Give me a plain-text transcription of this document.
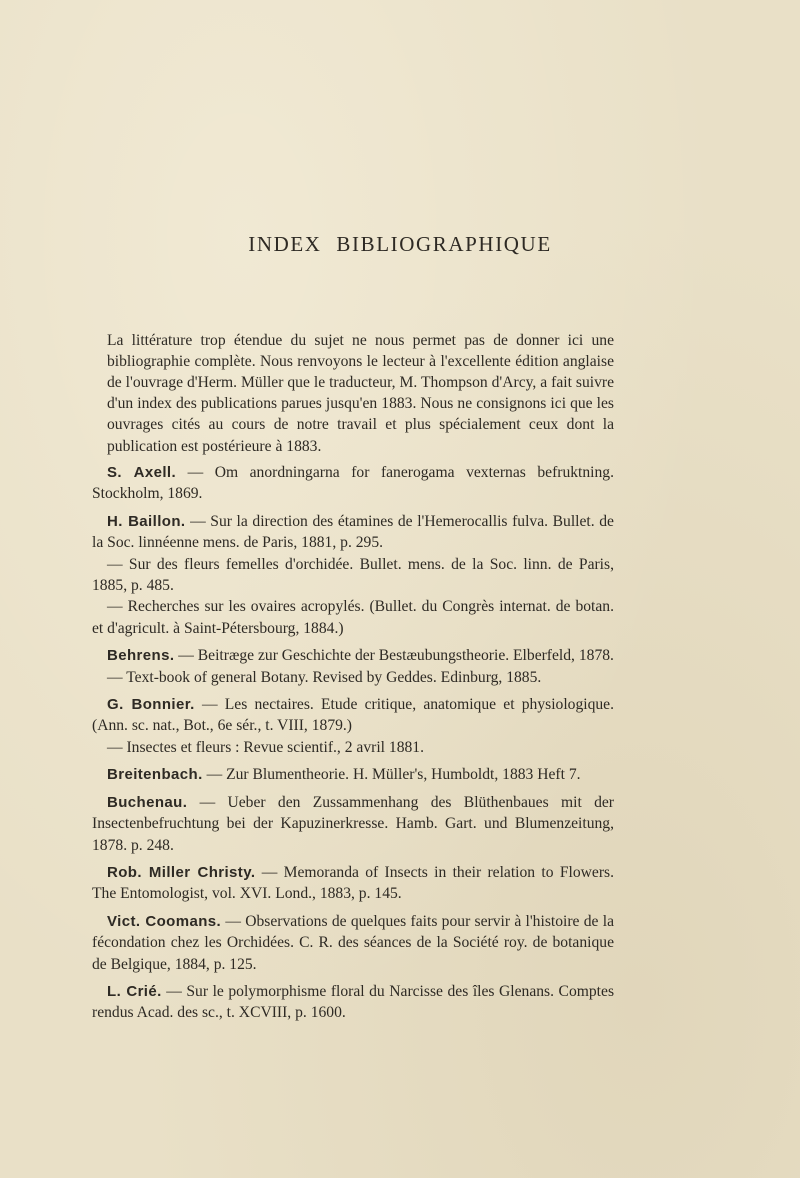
INDEX BIBLIOGRAPHIQUE

La littérature trop étendue du sujet ne nous permet pas de donner ici une bibliographie complète. Nous renvoyons le lecteur à l'excellente édition anglaise de l'ouvrage d'Herm. Müller que le traducteur, M. Thompson d'Arcy, a fait suivre d'un index des publications parues jusqu'en 1883. Nous ne consignons ici que les ouvrages cités au cours de notre travail et plus spécialement ceux dont la publication est postérieure à 1883.

S. Axell. — Om anordningarna for fanerogama vexternas befruktning. Stockholm, 1869.

H. Baillon. — Sur la direction des étamines de l'Hemerocallis fulva. Bullet. de la Soc. linnéenne mens. de Paris, 1881, p. 295.

— Sur des fleurs femelles d'orchidée. Bullet. mens. de la Soc. linn. de Paris, 1885, p. 485.

— Recherches sur les ovaires acropylés. (Bullet. du Congrès internat. de botan. et d'agricult. à Saint-Pétersbourg, 1884.)

Behrens. — Beitræge zur Geschichte der Bestæubungstheorie. Elberfeld, 1878.

— Text-book of general Botany. Revised by Geddes. Edinburg, 1885.

G. Bonnier. — Les nectaires. Etude critique, anatomique et physiologique. (Ann. sc. nat., Bot., 6e sér., t. VIII, 1879.)

— Insectes et fleurs : Revue scientif., 2 avril 1881.

Breitenbach. — Zur Blumentheorie. H. Müller's, Humboldt, 1883 Heft 7.

Buchenau. — Ueber den Zussammenhang des Blüthenbaues mit der Insectenbefruchtung bei der Kapuzinerkresse. Hamb. Gart. und Blumenzeitung, 1878. p. 248.

Rob. Miller Christy. — Memoranda of Insects in their relation to Flowers. The Entomologist, vol. XVI. Lond., 1883, p. 145.

Vict. Coomans. — Observations de quelques faits pour servir à l'histoire de la fécondation chez les Orchidées. C. R. des séances de la Société roy. de botanique de Belgique, 1884, p. 125.

L. Crié. — Sur le polymorphisme floral du Narcisse des îles Glenans. Comptes rendus Acad. des sc., t. XCVIII, p. 1600.
